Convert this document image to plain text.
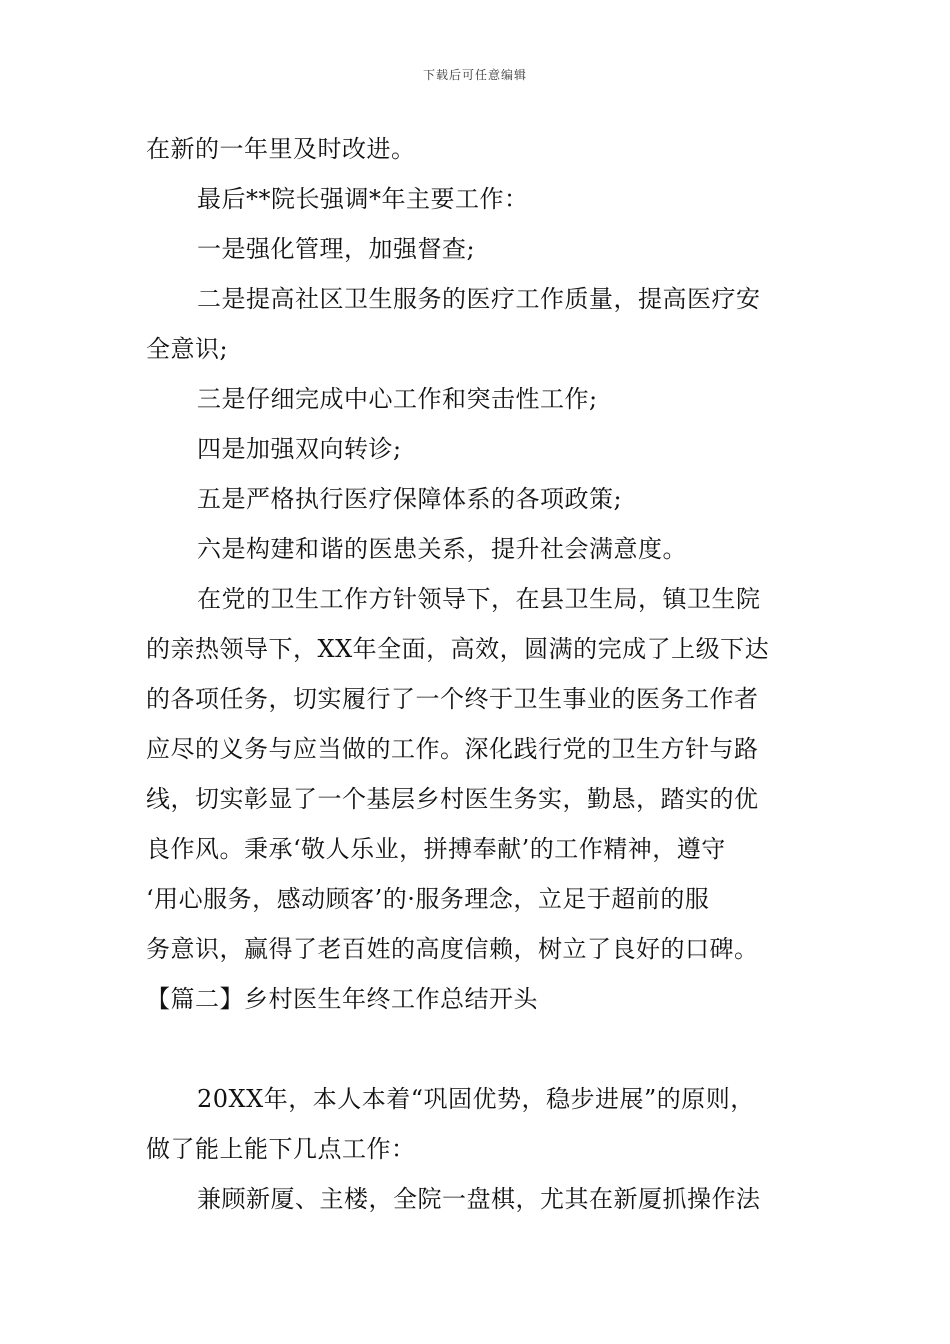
下载后可任意编辑
在新的一年里及时改进。
最后**院长强调*年主要工作：
一是强化管理，加强督查;
二是提高社区卫生服务的医疗工作质量，提高医疗安
全意识;
三是仔细完成中心工作和突击性工作;
四是加强双向转诊;
五是严格执行医疗保障体系的各项政策;
六是构建和谐的医患关系，提升社会满意度。
在党的卫生工作方针领导下，在县卫生局，镇卫生院
的亲热领导下，XX年全面，高效，圆满的完成了上级下达
的各项任务，切实履行了一个终于卫生事业的医务工作者
应尽的义务与应当做的工作。深化践行党的卫生方针与路
线，切实彰显了一个基层乡村医生务实，勤恳，踏实的优
良作风。秉承‘敬人乐业，拼搏奉献’的工作精神，遵守
‘用心服务，感动顾客’的·服务理念，立足于超前的服
务意识，赢得了老百姓的高度信赖，树立了良好的口碑。
【篇二】乡村医生年终工作总结开头
20XX年，本人本着“巩固优势，稳步进展”的原则，
做了能上能下几点工作：
兼顾新厦、主楼，全院一盘棋，尤其在新厦抓操作法
